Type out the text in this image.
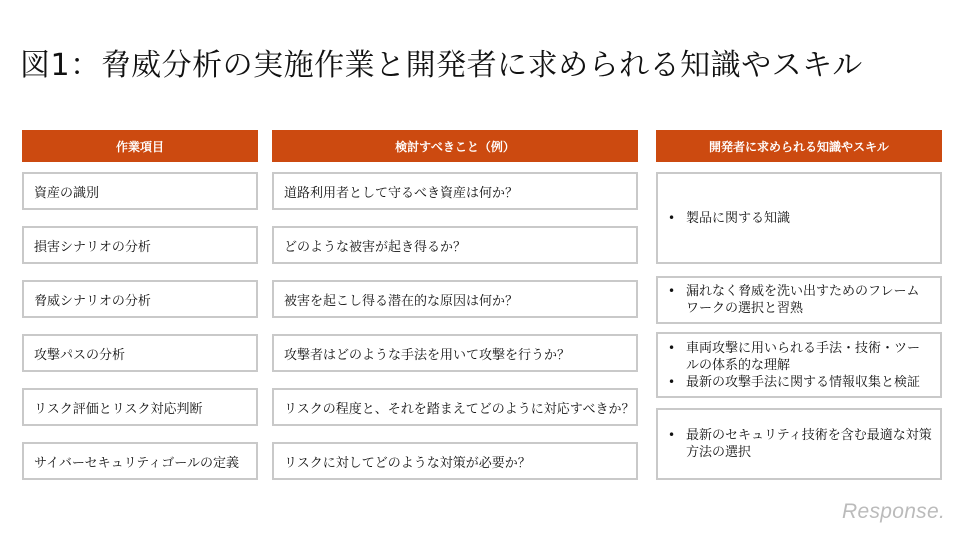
図1：脅威分析の実施作業と開発者に求められる知識やスキル
作業項目
資産の識別
損害シナリオの分析
脅威シナリオの分析
攻撃パスの分析
リスク評価とリスク対応判断
サイバーセキュリティゴールの定義
検討すべきこと（例）
道路利用者として守るべき資産は何か？
どのような被害が起き得るか？
被害を起こし得る潜在的な原因は何か？
攻撃者はどのような手法を用いて攻撃を行うか？
リスクの程度と、それを踏まえてどのように対応すべきか？
リスクに対してどのような対策が必要か？
開発者に求められる知識やスキル
• 製品に関する知識
• 漏れなく脅威を洗い出すためのフレームワークの選択と習熟
• 車両攻撃に用いられる手法・技術・ツールの体系的な理解
• 最新の攻撃手法に関する情報収集と検証
• 最新のセキュリティ技術を含む最適な対策方法の選択
Response.
